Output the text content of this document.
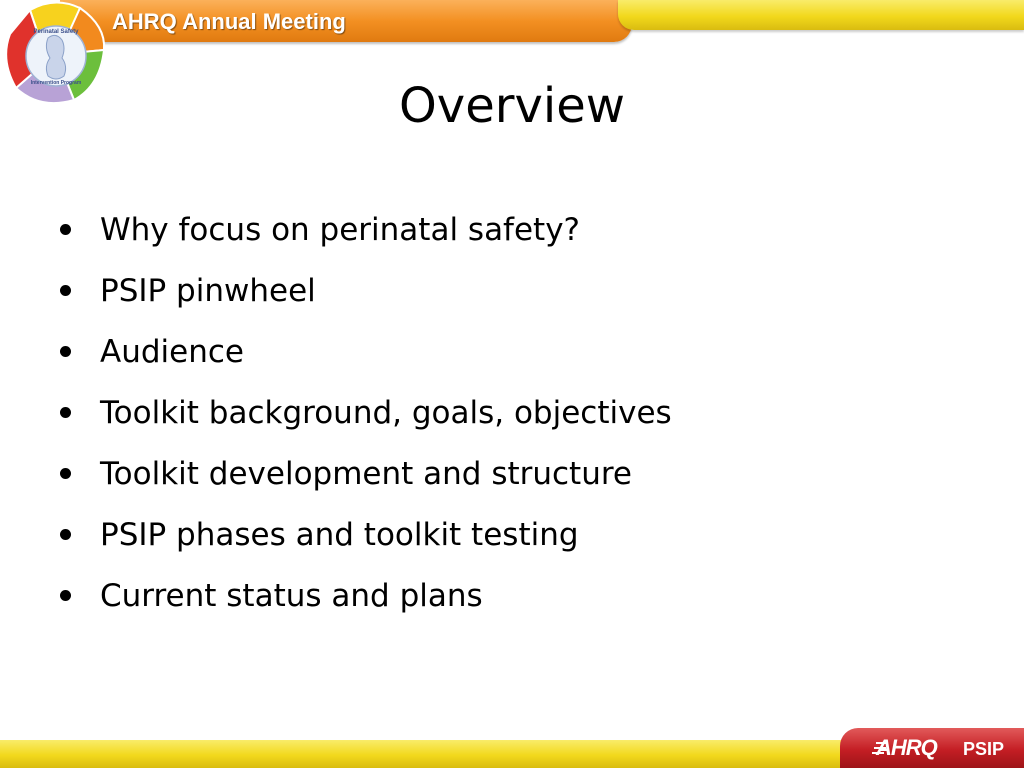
AHRQ Annual Meeting
Perinatal Safety
Intervention Program	Overview
Why focus on perinatal safety?
PSIP pinwheel
Audience
Toolkit background, goals, objectives
Toolkit development and structure
PSIP phases and toolkit testing
Current status and plans
AHRQ PSIP
